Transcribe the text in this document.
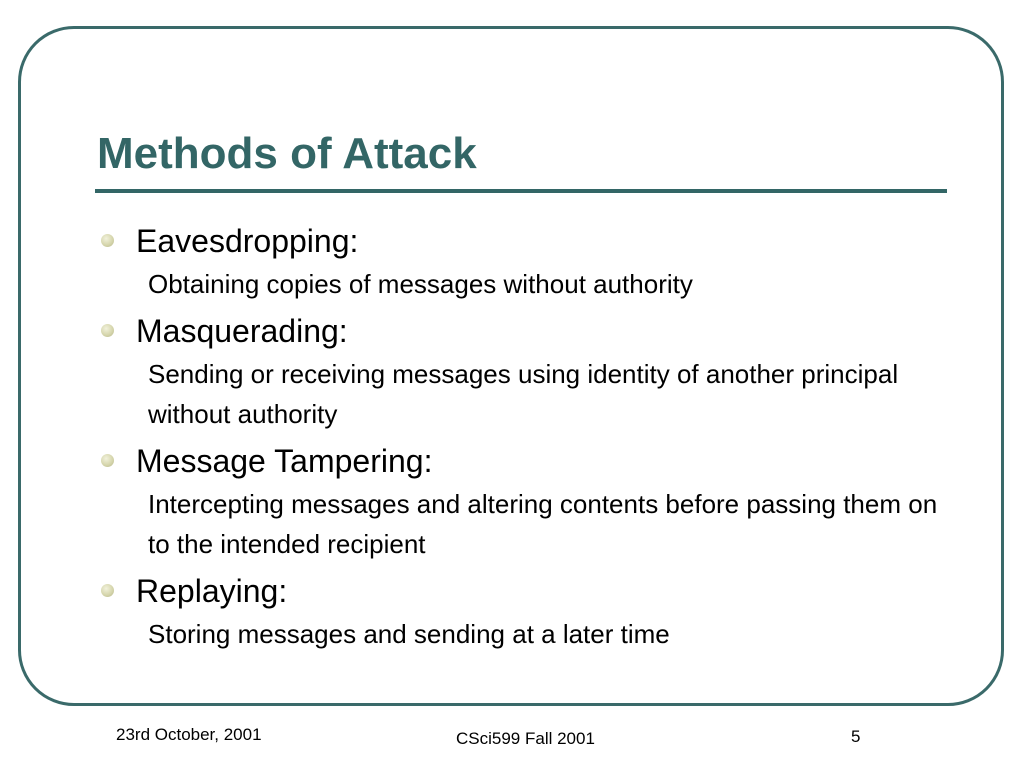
Methods of Attack
Eavesdropping:
Obtaining copies of messages without authority
Masquerading:
Sending or receiving messages using identity of another principal without authority
Message Tampering:
Intercepting messages and altering contents before passing them on to the intended recipient
Replaying:
Storing messages and sending at a later time
23rd October, 2001	CSci599 Fall 2001	5
